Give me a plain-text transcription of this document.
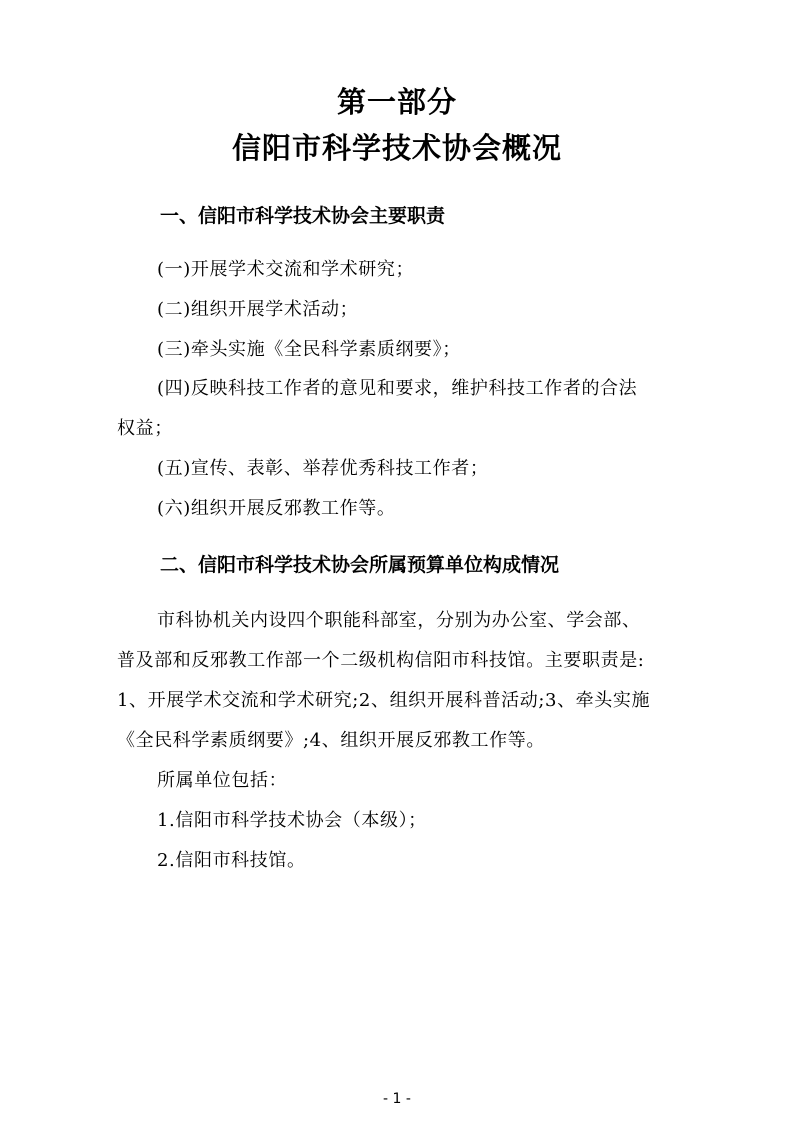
第一部分
信阳市科学技术协会概况
一、信阳市科学技术协会主要职责
(一)开展学术交流和学术研究；
(二)组织开展学术活动；
(三)牵头实施《全民科学素质纲要》；
(四)反映科技工作者的意见和要求，维护科技工作者的合法
权益；
(五)宣传、表彰、举荐优秀科技工作者；
(六)组织开展反邪教工作等。
二、信阳市科学技术协会所属预算单位构成情况
市科协机关内设四个职能科部室，分别为办公室、学会部、
普及部和反邪教工作部一个二级机构信阳市科技馆。主要职责是:
1、开展学术交流和学术研究;2、组织开展科普活动;3、牵头实施
《全民科学素质纲要》;4、组织开展反邪教工作等。
所属单位包括：
1.信阳市科学技术协会（本级）；
2.信阳市科技馆。
- 1 -
